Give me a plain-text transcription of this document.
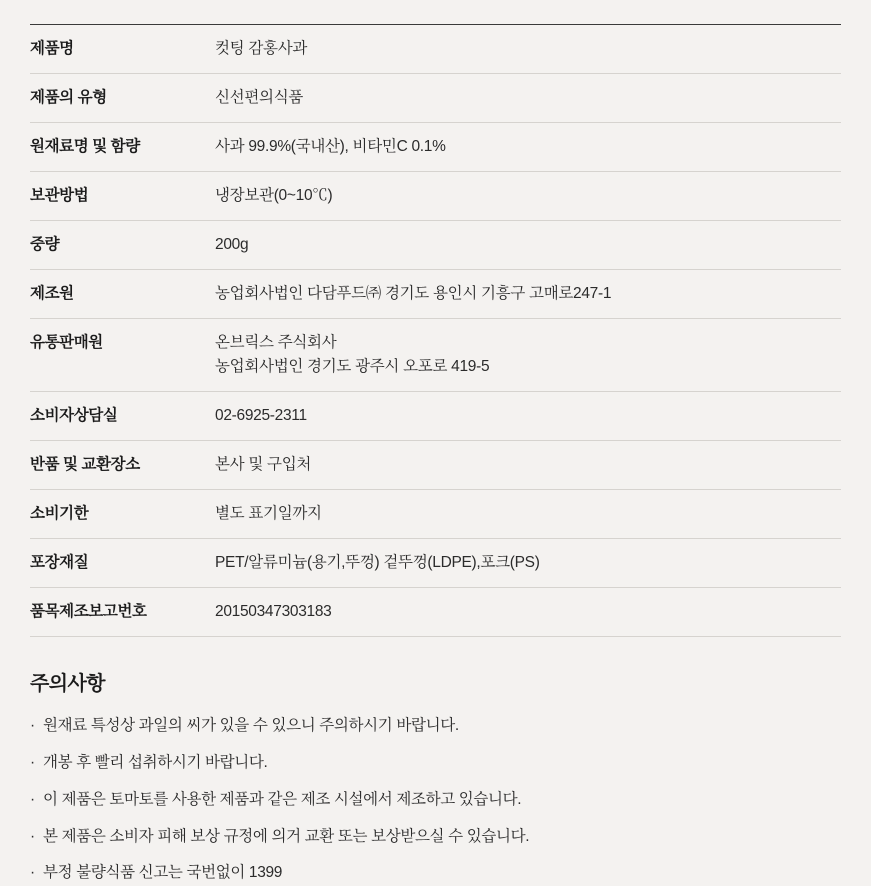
제품명	컷팅 감홍사과

제품의 유형	신선편의식품

원재료명 및 함량	사과 99.9%(국내산), 비타민C 0.1%

보관방법	냉장보관(0~10℃)

중량	200g

제조원	농업회사법인 다담푸드㈜ 경기도 용인시 기흥구 고매로247-1

유통판매원	온브릭스 주식회사
농업회사법인 경기도 광주시 오포로 419-5

소비자상담실	02-6925-2311

반품 및 교환장소	본사 및 구입처

소비기한	별도 표기일까지

포장재질	PET/알류미늄(용기,뚜껑) 겉뚜껑(LDPE),포크(PS)

품목제조보고번호	20150347303183
주의사항
· 원재료 특성상 과일의 씨가 있을 수 있으니 주의하시기 바랍니다.
· 개봉 후 빨리 섭취하시기 바랍니다.
· 이 제품은 토마토를 사용한 제품과 같은 제조 시설에서 제조하고 있습니다.
· 본 제품은 소비자 피해 보상 규정에 의거 교환 또는 보상받으실 수 있습니다.
· 부정 불량식품 신고는 국번없이 1399
